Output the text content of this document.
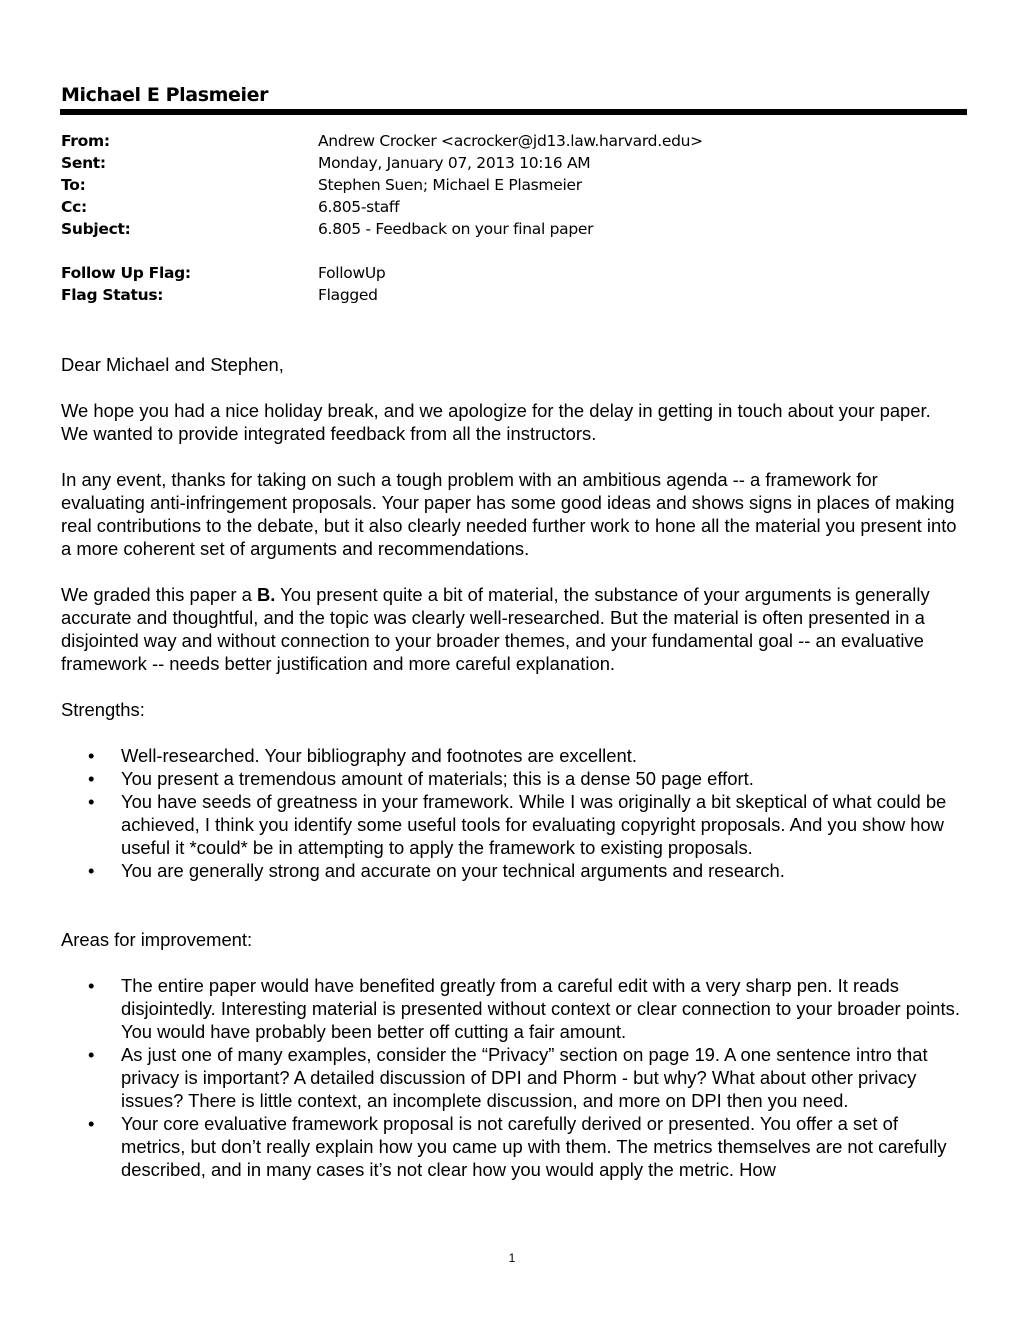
Michael E Plasmeier
From:	Andrew Crocker <acrocker@jd13.law.harvard.edu>
Sent:	Monday, January 07, 2013 10:16 AM
To:	Stephen Suen; Michael E Plasmeier
Cc:	6.805-staff
Subject:	6.805 - Feedback on your final paper
Follow Up Flag:	FollowUp
Flag Status:	Flagged

Dear Michael and Stephen,

We hope you had a nice holiday break, and we apologize for the delay in getting in touch about your paper. We wanted to provide integrated feedback from all the instructors.

In any event, thanks for taking on such a tough problem with an ambitious agenda -- a framework for evaluating anti-infringement proposals. Your paper has some good ideas and shows signs in places of making real contributions to the debate, but it also clearly needed further work to hone all the material you present into a more coherent set of arguments and recommendations.

We graded this paper a B. You present quite a bit of material, the substance of your arguments is generally accurate and thoughtful, and the topic was clearly well-researched. But the material is often presented in a disjointed way and without connection to your broader themes, and your fundamental goal -- an evaluative framework -- needs better justification and more careful explanation.

Strengths:

• Well-researched. Your bibliography and footnotes are excellent.
• You present a tremendous amount of materials; this is a dense 50 page effort.
• You have seeds of greatness in your framework. While I was originally a bit skeptical of what could be achieved, I think you identify some useful tools for evaluating copyright proposals. And you show how useful it *could* be in attempting to apply the framework to existing proposals.
• You are generally strong and accurate on your technical arguments and research.

Areas for improvement:

• The entire paper would have benefited greatly from a careful edit with a very sharp pen. It reads disjointedly. Interesting material is presented without context or clear connection to your broader points. You would have probably been better off cutting a fair amount.
• As just one of many examples, consider the “Privacy” section on page 19. A one sentence intro that privacy is important? A detailed discussion of DPI and Phorm - but why? What about other privacy issues? There is little context, an incomplete discussion, and more on DPI then you need.
• Your core evaluative framework proposal is not carefully derived or presented. You offer a set of metrics, but don’t really explain how you came up with them. The metrics themselves are not carefully described, and in many cases it’s not clear how you would apply the metric. How
1
